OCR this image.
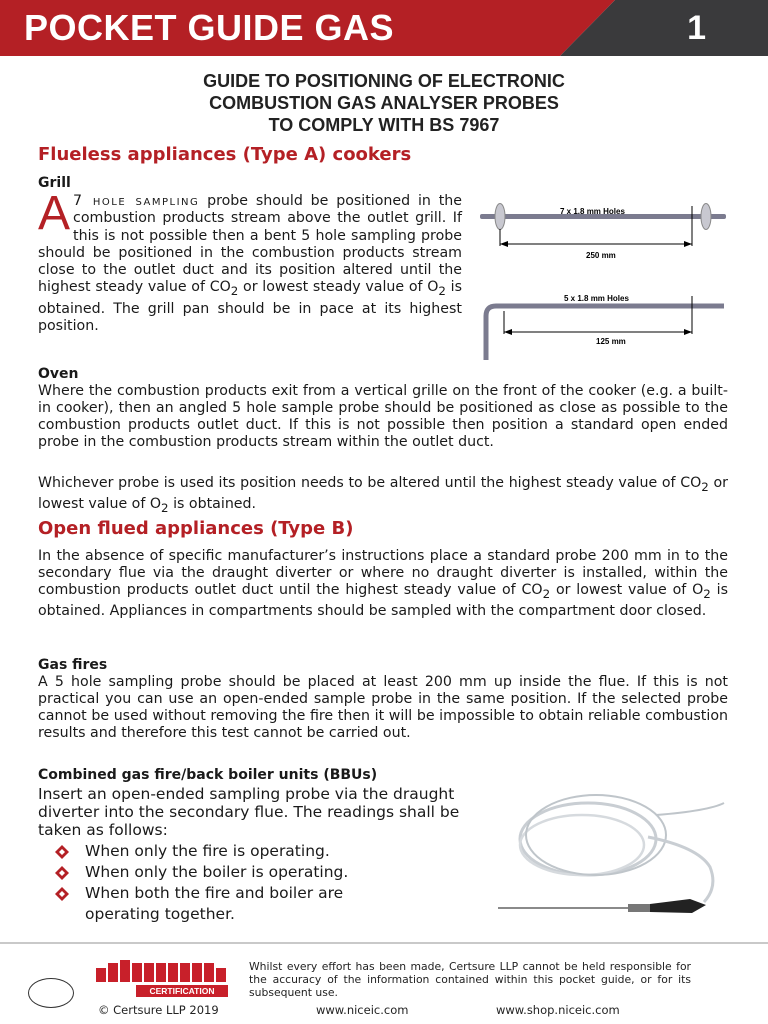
POCKET GUIDE GAS	1
GUIDE TO POSITIONING OF ELECTRONIC
COMBUSTION GAS ANALYSER PROBES
TO COMPLY WITH BS 7967
Flueless appliances (Type A) cookers
Grill
A 7 hole sampling probe should be positioned in the combustion products stream above the outlet grill. If this is not possible then a bent 5 hole sampling probe should be positioned in the combustion products stream close to the outlet duct and its position altered until the highest steady value of $CO_2$ or lowest steady value of $O_2$ is obtained. The grill pan should be in pace at its highest position.
7 x 1.8 mm Holes
250 mm
5 x 1.8 mm Holes
125 mm
Oven
Where the combustion products exit from a vertical grille on the front of the cooker (e.g. a built-in cooker), then an angled 5 hole sample probe should be positioned as close as possible to the combustion products outlet duct. If this is not possible then position a standard open ended probe in the combustion products stream within the outlet duct.
Whichever probe is used its position needs to be altered until the highest steady value of $CO_2$ or lowest value of $O_2$ is obtained.
Open flued appliances (Type B)
In the absence of specific manufacturer’s instructions place a standard probe 200 mm in to the secondary flue via the draught diverter or where no draught diverter is installed, within the combustion products outlet duct until the highest steady value of $CO_2$ or lowest value of $O_2$ is obtained. Appliances in compartments should be sampled with the compartment door closed.
Gas fires
A 5 hole sampling probe should be placed at least 200 mm up inside the flue. If this is not practical you can use an open-ended sample probe in the same position. If the selected probe cannot be used without removing the fire then it will be impossible to obtain reliable combustion results and therefore this test cannot be carried out.
Combined gas fire/back boiler units (BBUs)
Insert an open-ended sampling probe via the draught diverter into the secondary flue. The readings shall be taken as follows:
When only the fire is operating.
When only the boiler is operating.
When both the fire and boiler are operating together.
CERTIFICATION
Whilst every effort has been made, Certsure LLP cannot be held responsible for the accuracy of the information contained within this pocket guide, or for its subsequent use.
© Certsure LLP 2019	www.niceic.com	www.shop.niceic.com
